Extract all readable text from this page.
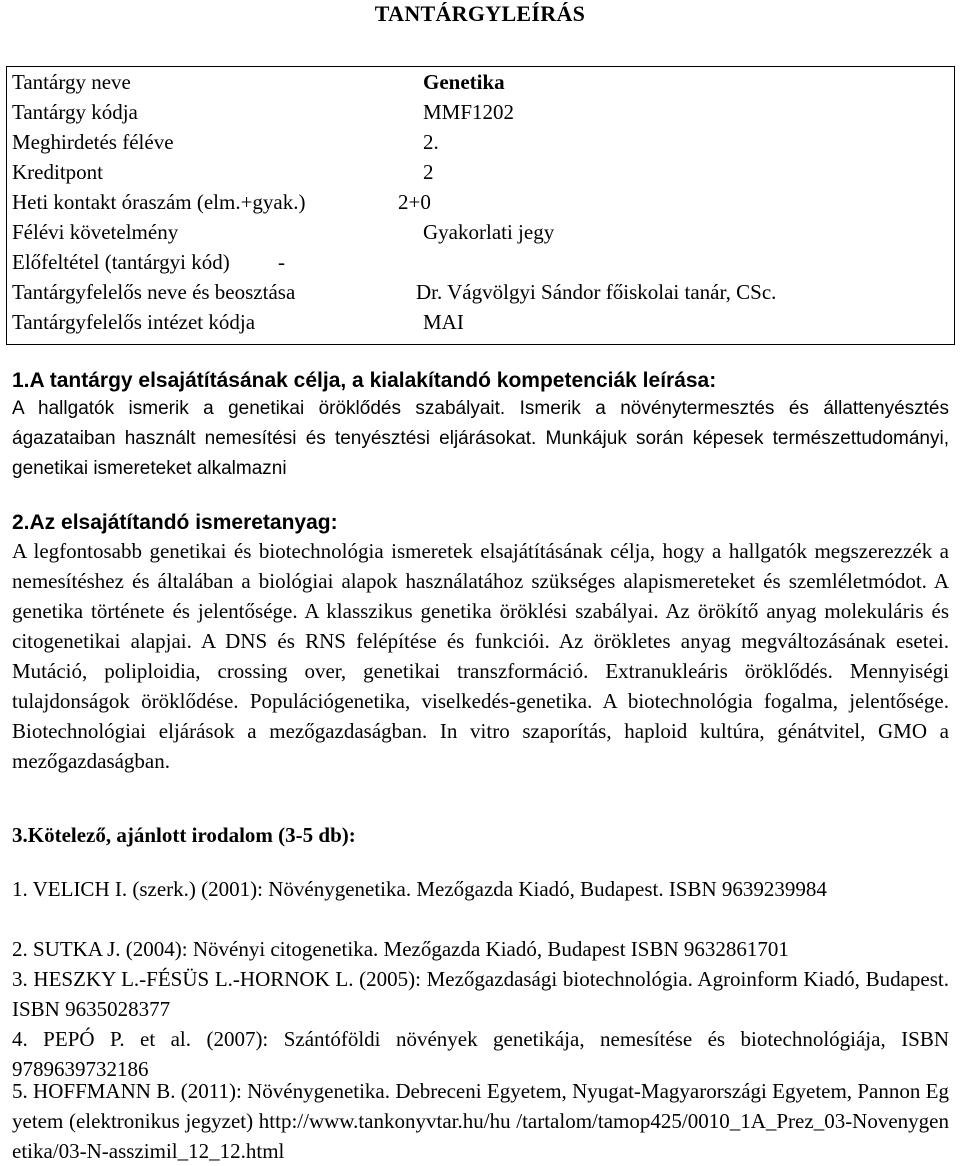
TANTÁRGYLEÍRÁS
Tantárgy neve	Genetika
Tantárgy kódja	MMF1202
Meghirdetés féléve	2.
Kreditpont	2
Heti kontakt óraszám (elm.+gyak.)	2+0
Félévi követelmény	Gyakorlati jegy
Előfeltétel (tantárgyi kód) -
Tantárgyfelelős neve és beosztása	Dr. Vágvölgyi Sándor főiskolai tanár, CSc.
Tantárgyfelelős intézet kódja	MAI
1.A tantárgy elsajátításának célja, a kialakítandó kompetenciák leírása:
A hallgatók ismerik a genetikai öröklődés szabályait. Ismerik a növénytermesztés és állattenyésztés ágazataiban használt nemesítési és tenyésztési eljárásokat. Munkájuk során képesek természettudományi, genetikai ismereteket alkalmazni
2.Az elsajátítandó ismeretanyag:
A legfontosabb genetikai és biotechnológia ismeretek elsajátításának célja, hogy a hallgatók megszerezzék a nemesítéshez és általában a biológiai alapok használatához szükséges alapismereteket és szemléletmódot. A genetika története és jelentősége. A klasszikus genetika öröklési szabályai. Az örökítő anyag molekuláris és citogenetikai alapjai. A DNS és RNS felépítése és funkciói. Az örökletes anyag megváltozásának esetei. Mutáció, poliploidia, crossing over, genetikai transzformáció. Extranukleáris öröklődés. Mennyiségi tulajdonságok öröklődése. Populációgenetika, viselkedés-genetika. A biotechnológia fogalma, jelentősége. Biotechnológiai eljárások a mezőgazdaságban. In vitro szaporítás, haploid kultúra, génátvitel, GMO a mezőgazdaságban.
3.Kötelező, ajánlott irodalom (3-5 db):
1. VELICH I. (szerk.) (2001): Növénygenetika. Mezőgazda Kiadó, Budapest. ISBN 9639239984
2. SUTKA J. (2004): Növényi citogenetika. Mezőgazda Kiadó, Budapest ISBN 9632861701
3. HESZKY L.-FÉSÜS L.-HORNOK L. (2005): Mezőgazdasági biotechnológia. Agroinform Kiadó, Budapest. ISBN 9635028377
4. PEPÓ P. et al. (2007): Szántóföldi növények genetikája, nemesítése és biotechnológiája, ISBN 9789639732186
5. HOFFMANN B. (2011): Növénygenetika. Debreceni Egyetem, Nyugat-Magyarországi Egyetem, Pannon Egyetem (elektronikus jegyzet) http://www.tankonyvtar.hu/hu /tartalom/tamop425/0010_1A_Prez_03-Novenygenetika/03-N-asszimil_12_12.html
